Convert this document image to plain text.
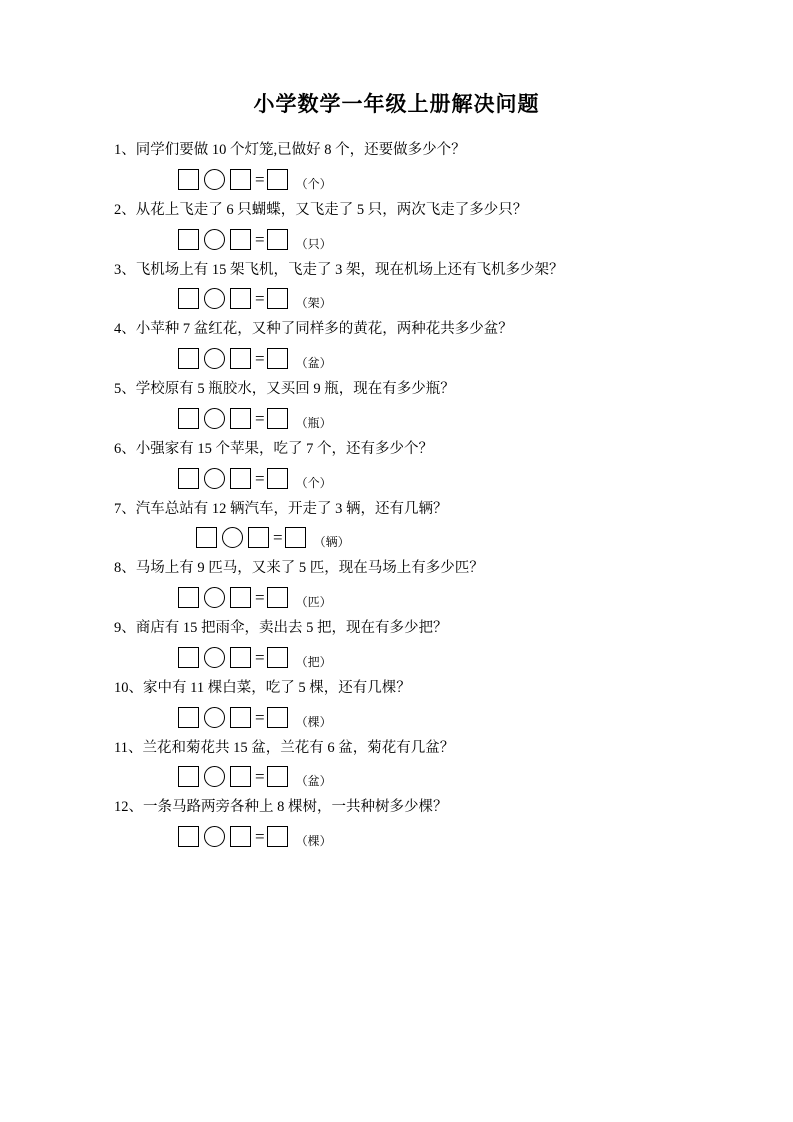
小学数学一年级上册解决问题
1、同学们要做 10 个灯笼,已做好 8 个，还要做多少个？
=	（个）
2、从花上飞走了 6 只蝴蝶，又飞走了 5 只，两次飞走了多少只？
=	（只）
3、飞机场上有 15 架飞机，飞走了 3 架，现在机场上还有飞机多少架？
=	（架）
4、小苹种 7 盆红花，又种了同样多的黄花，两种花共多少盆？
=	（盆）
5、学校原有 5 瓶胶水，又买回 9 瓶，现在有多少瓶？
=	（瓶）
6、小强家有 15 个苹果，吃了 7 个，还有多少个？
=	（个）
7、汽车总站有 12 辆汽车，开走了 3 辆，还有几辆？
=	（辆）
8、马场上有 9 匹马，又来了 5 匹，现在马场上有多少匹？
=	（匹）
9、商店有 15 把雨伞，卖出去 5 把，现在有多少把？
=	（把）
10、家中有 11 棵白菜，吃了 5 棵，还有几棵？
=	（棵）
11、兰花和菊花共 15 盆，兰花有 6 盆，菊花有几盆？
=	（盆）
12、一条马路两旁各种上 8 棵树，一共种树多少棵？
=	（棵）
